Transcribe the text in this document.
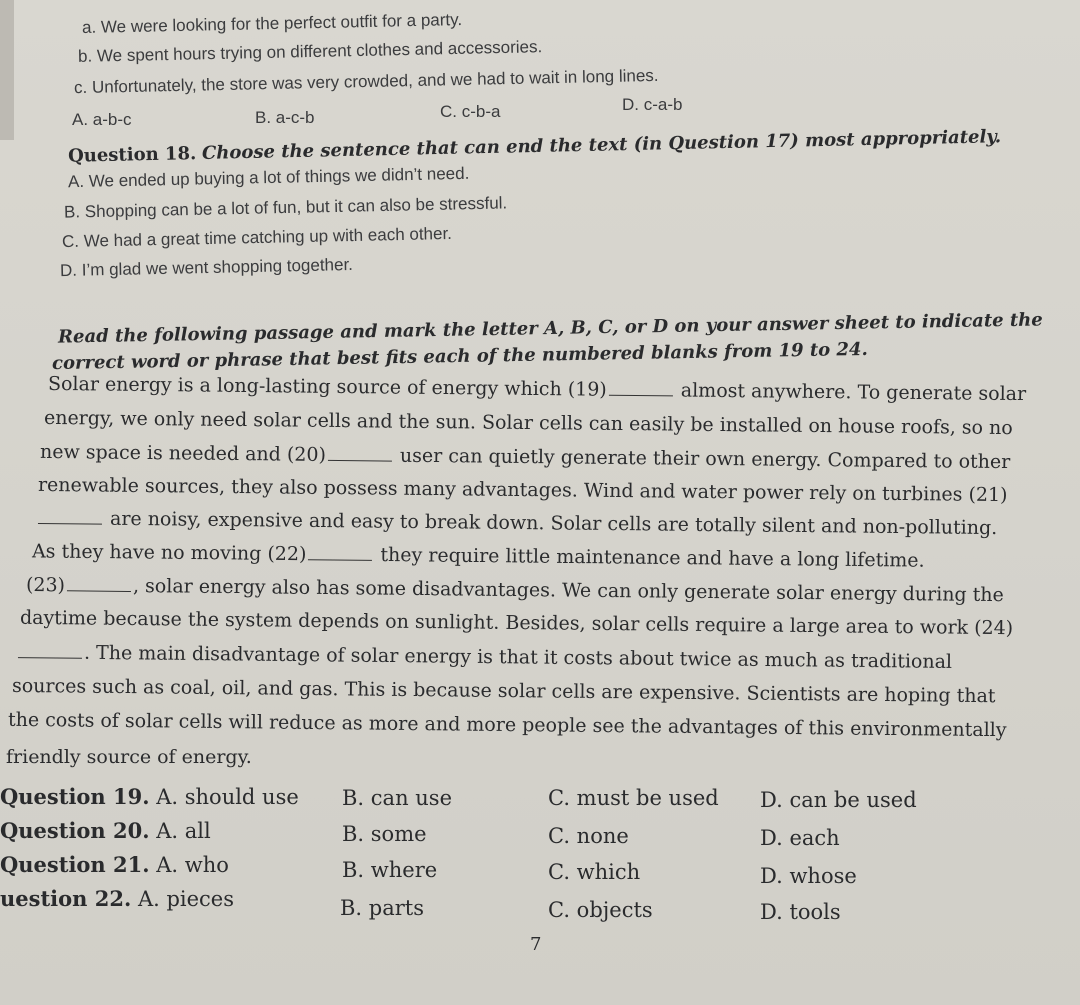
a. We were looking for the perfect outfit for a party.
b. We spent hours trying on different clothes and accessories.
c. Unfortunately, the store was very crowded, and we had to wait in long lines.
A. a-b-c	B. a-c-b	C. c-b-a	D. c-a-b
Question 18. Choose the sentence that can end the text (in Question 17) most appropriately.
A. We ended up buying a lot of things we didn’t need.
B. Shopping can be a lot of fun, but it can also be stressful.
C. We had a great time catching up with each other.
D. I’m glad we went shopping together.
Read the following passage and mark the letter A, B, C, or D on your answer sheet to indicate the
correct word or phrase that best fits each of the numbered blanks from 19 to 24.
Solar energy is a long-lasting source of energy which (19)	almost anywhere. To generate solar
energy, we only need solar cells and the sun. Solar cells can easily be installed on house roofs, so no
new space is needed and (20)	user can quietly generate their own energy. Compared to other
renewable sources, they also possess many advantages. Wind and water power rely on turbines (21)
are noisy, expensive and easy to break down. Solar cells are totally silent and non-polluting.
As they have no moving (22)	they require little maintenance and have a long lifetime.
(23)	, solar energy also has some disadvantages. We can only generate solar energy during the
daytime because the system depends on sunlight. Besides, solar cells require a large area to work (24)
. The main disadvantage of solar energy is that it costs about twice as much as traditional
sources such as coal, oil, and gas. This is because solar cells are expensive. Scientists are hoping that
the costs of solar cells will reduce as more and more people see the advantages of this environmentally
friendly source of energy.
Question 19. A. should use B. can use	C. must be used D. can be used
Question 20. A. all	B. some	C. none	D. each
Question 21. A. who	B. where	C. which	D. whose
uestion 22. A. pieces	B. parts	C. objects	D. tools
7
